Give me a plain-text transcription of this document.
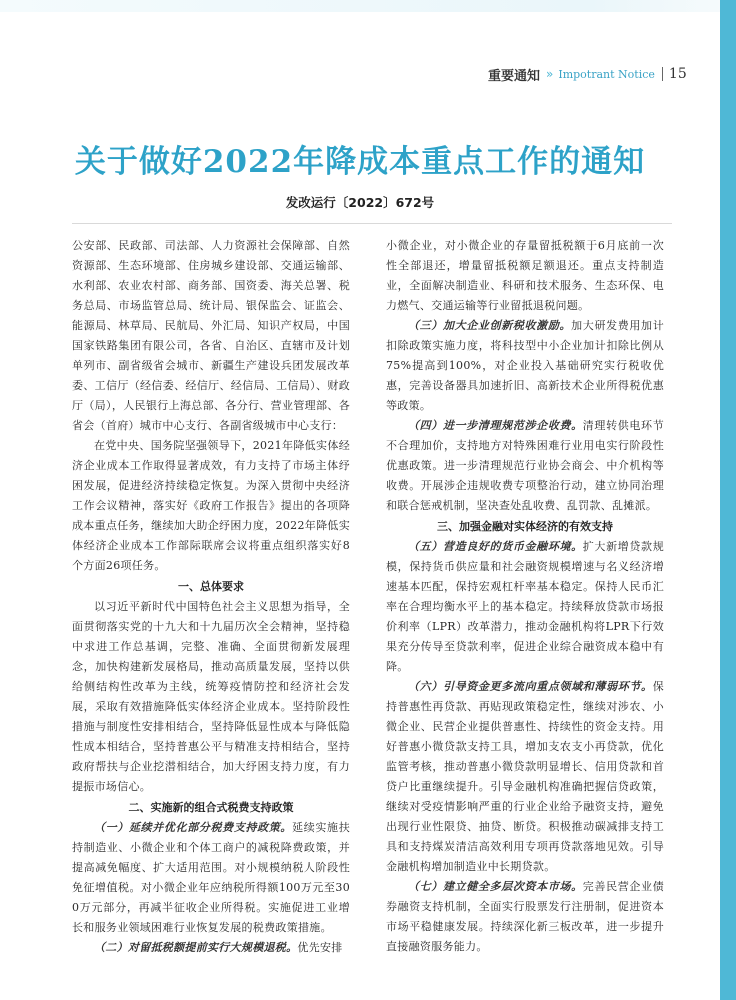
重要通知 » Impotrant Notice 15
关于做好2022年降成本重点工作的通知
发改运行〔2022〕672号

公安部、民政部、司法部、人力资源社会保障部、自然资源部、生态环境部、住房城乡建设部、交通运输部、水利部、农业农村部、商务部、国资委、海关总署、税务总局、市场监管总局、统计局、银保监会、证监会、能源局、林草局、民航局、外汇局、知识产权局，中国国家铁路集团有限公司，各省、自治区、直辖市及计划单列市、副省级省会城市、新疆生产建设兵团发展改革委、工信厅（经信委、经信厅、经信局、工信局）、财政厅（局），人民银行上海总部、各分行、营业管理部、各省会（首府）城市中心支行、各副省级城市中心支行：

在党中央、国务院坚强领导下，2021年降低实体经济企业成本工作取得显著成效，有力支持了市场主体纾困发展，促进经济持续稳定恢复。为深入贯彻中央经济工作会议精神，落实好《政府工作报告》提出的各项降成本重点任务，继续加大助企纾困力度，2022年降低实体经济企业成本工作部际联席会议将重点组织落实好8个方面26项任务。

一、总体要求

以习近平新时代中国特色社会主义思想为指导，全面贯彻落实党的十九大和十九届历次全会精神，坚持稳中求进工作总基调，完整、准确、全面贯彻新发展理念，加快构建新发展格局，推动高质量发展，坚持以供给侧结构性改革为主线，统筹疫情防控和经济社会发展，采取有效措施降低实体经济企业成本。坚持阶段性措施与制度性安排相结合，坚持降低显性成本与降低隐性成本相结合，坚持普惠公平与精准支持相结合，坚持政府帮扶与企业挖潜相结合，加大纾困支持力度，有力提振市场信心。

二、实施新的组合式税费支持政策

（一）延续并优化部分税费支持政策。延续实施扶持制造业、小微企业和个体工商户的减税降费政策，并提高减免幅度、扩大适用范围。对小规模纳税人阶段性免征增值税。对小微企业年应纳税所得额100万元至300万元部分，再减半征收企业所得税。实施促进工业增长和服务业领域困难行业恢复发展的税费政策措施。

（二）对留抵税额提前实行大规模退税。优先安排

小微企业，对小微企业的存量留抵税额于6月底前一次性全部退还，增量留抵税额足额退还。重点支持制造业，全面解决制造业、科研和技术服务、生态环保、电力燃气、交通运输等行业留抵退税问题。

（三）加大企业创新税收激励。加大研发费用加计扣除政策实施力度，将科技型中小企业加计扣除比例从75%提高到100%，对企业投入基础研究实行税收优惠，完善设备器具加速折旧、高新技术企业所得税优惠等政策。

（四）进一步清理规范涉企收费。清理转供电环节不合理加价，支持地方对特殊困难行业用电实行阶段性优惠政策。进一步清理规范行业协会商会、中介机构等收费。开展涉企违规收费专项整治行动，建立协同治理和联合惩戒机制，坚决查处乱收费、乱罚款、乱摊派。

三、加强金融对实体经济的有效支持

（五）营造良好的货币金融环境。扩大新增贷款规模，保持货币供应量和社会融资规模增速与名义经济增速基本匹配，保持宏观杠杆率基本稳定。保持人民币汇率在合理均衡水平上的基本稳定。持续释放贷款市场报价利率（LPR）改革潜力，推动金融机构将LPR下行效果充分传导至贷款利率，促进企业综合融资成本稳中有降。

（六）引导资金更多流向重点领域和薄弱环节。保持普惠性再贷款、再贴现政策稳定性，继续对涉农、小微企业、民营企业提供普惠性、持续性的资金支持。用好普惠小微贷款支持工具，增加支农支小再贷款，优化监管考核，推动普惠小微贷款明显增长、信用贷款和首贷户比重继续提升。引导金融机构准确把握信贷政策，继续对受疫情影响严重的行业企业给予融资支持，避免出现行业性限贷、抽贷、断贷。积极推动碳减排支持工具和支持煤炭清洁高效利用专项再贷款落地见效。引导金融机构增加制造业中长期贷款。

（七）建立健全多层次资本市场。完善民营企业债券融资支持机制，全面实行股票发行注册制，促进资本市场平稳健康发展。持续深化新三板改革，进一步提升直接融资服务能力。
